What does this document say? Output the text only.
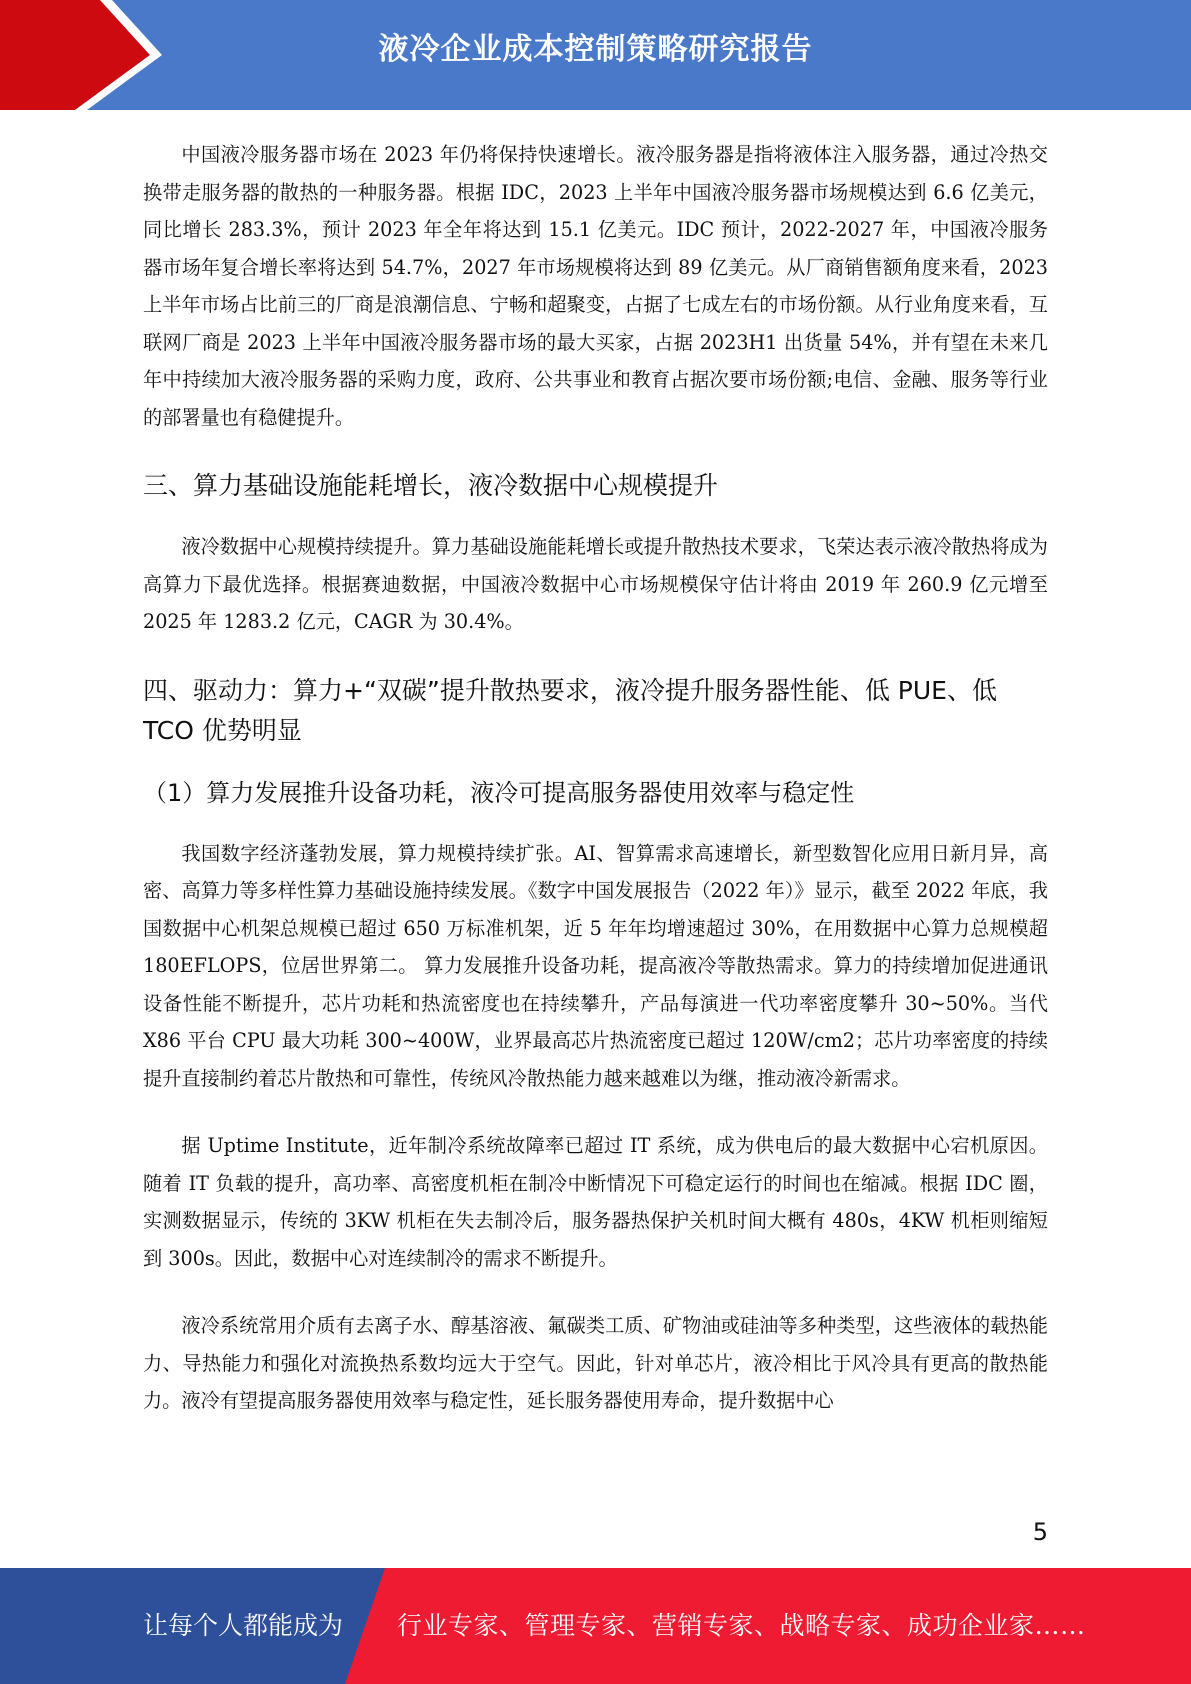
液冷企业成本控制策略研究报告

中国液冷服务器市场在 2023 年仍将保持快速增长。液冷服务器是指将液体注入服务器，通过冷热交换带走服务器的散热的一种服务器。根据 IDC，2023 上半年中国液冷服务器市场规模达到 6.6 亿美元，同比增长 283.3%，预计 2023 年全年将达到 15.1 亿美元。IDC 预计，2022-2027 年，中国液冷服务器市场年复合增长率将达到 54.7%，2027 年市场规模将达到 89 亿美元。从厂商销售额角度来看，2023 上半年市场占比前三的厂商是浪潮信息、宁畅和超聚变，占据了七成左右的市场份额。从行业角度来看，互联网厂商是 2023 上半年中国液冷服务器市场的最大买家，占据 2023H1 出货量 54%，并有望在未来几年中持续加大液冷服务器的采购力度，政府、公共事业和教育占据次要市场份额;电信、金融、服务等行业的部署量也有稳健提升。

三、算力基础设施能耗增长，液冷数据中心规模提升

液冷数据中心规模持续提升。算力基础设施能耗增长或提升散热技术要求，飞荣达表示液冷散热将成为高算力下最优选择。根据赛迪数据，中国液冷数据中心市场规模保守估计将由 2019 年 260.9 亿元增至 2025 年 1283.2 亿元，CAGR 为 30.4%。

四、驱动力：算力+“双碳”提升散热要求，液冷提升服务器性能、低 PUE、低 TCO 优势明显
（1）算力发展推升设备功耗，液冷可提高服务器使用效率与稳定性

我国数字经济蓬勃发展，算力规模持续扩张。AI、智算需求高速增长，新型数智化应用日新月异，高密、高算力等多样性算力基础设施持续发展。《数字中国发展报告（2022 年）》显示，截至 2022 年底，我国数据中心机架总规模已超过 650 万标准机架，近 5 年年均增速超过 30%，在用数据中心算力总规模超 180EFLOPS，位居世界第二。 算力发展推升设备功耗，提高液冷等散热需求。算力的持续增加促进通讯设备性能不断提升，芯片功耗和热流密度也在持续攀升，产品每演进一代功率密度攀升 30~50%。当代 X86 平台 CPU 最大功耗 300~400W，业界最高芯片热流密度已超过 120W/cm2；芯片功率密度的持续提升直接制约着芯片散热和可靠性，传统风冷散热能力越来越难以为继，推动液冷新需求。

据 Uptime Institute，近年制冷系统故障率已超过 IT 系统，成为供电后的最大数据中心宕机原因。随着 IT 负载的提升，高功率、高密度机柜在制冷中断情况下可稳定运行的时间也在缩减。根据 IDC 圈，实测数据显示，传统的 3KW 机柜在失去制冷后，服务器热保护关机时间大概有 480s，4KW 机柜则缩短到 300s。因此，数据中心对连续制冷的需求不断提升。

液冷系统常用介质有去离子水、醇基溶液、氟碳类工质、矿物油或硅油等多种类型，这些液体的载热能力、导热能力和强化对流换热系数均远大于空气。因此，针对单芯片，液冷相比于风冷具有更高的散热能力。液冷有望提高服务器使用效率与稳定性，延长服务器使用寿命，提升数据中心

5
让每个人都能成为 行业专家、管理专家、营销专家、战略专家、成功企业家……
